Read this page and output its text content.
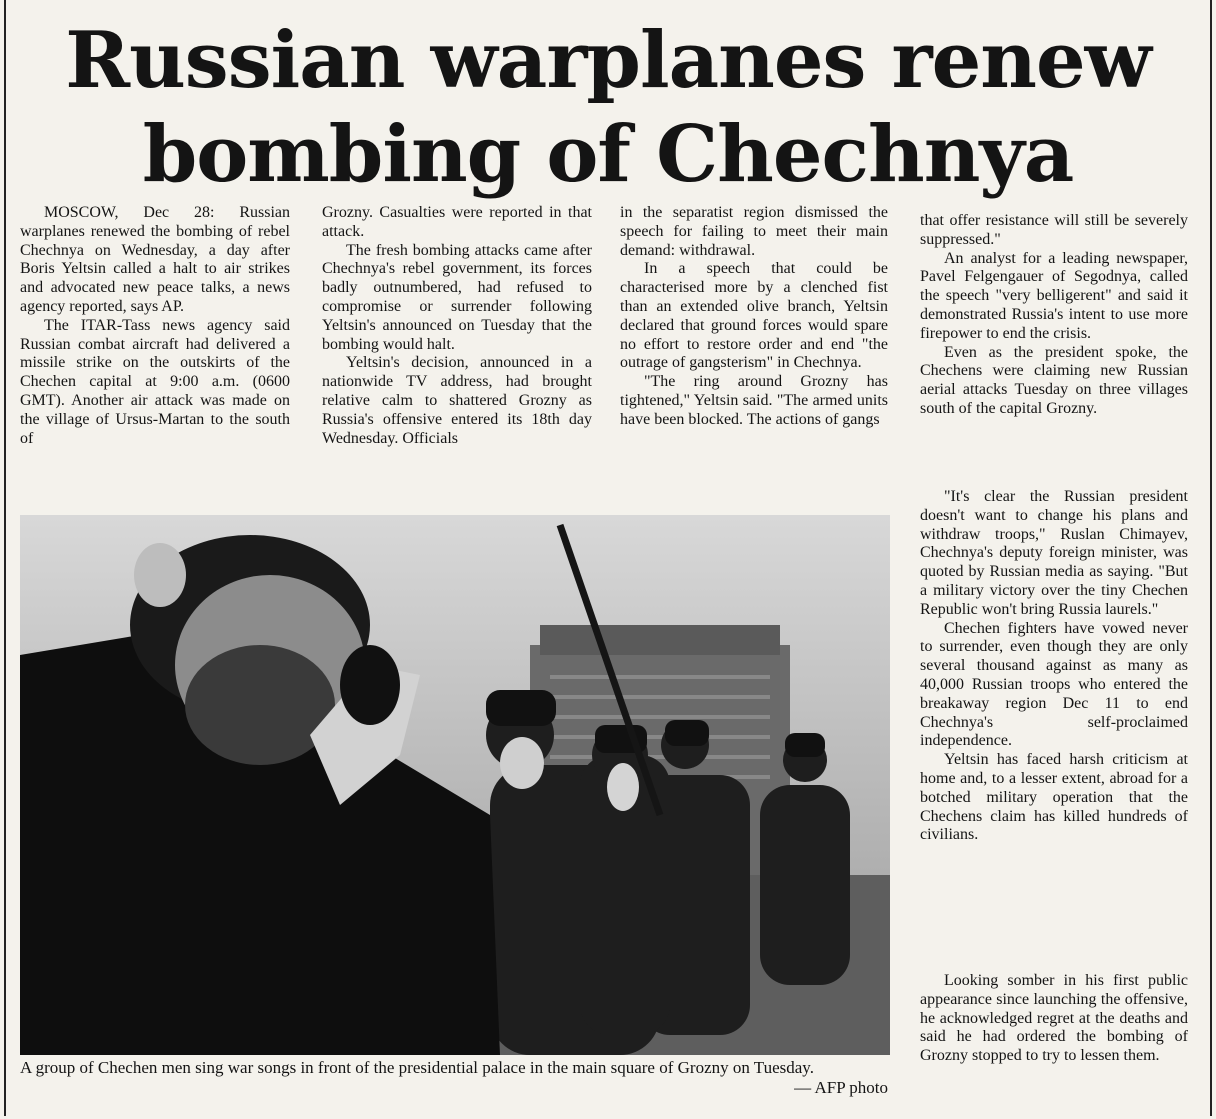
Russian warplanes renew
bombing of Chechnya

MOSCOW, Dec 28: Russian warplanes renewed the bombing of rebel Chechnya on Wednesday, a day after Boris Yeltsin called a halt to air strikes and advocated new peace talks, a news agency reported, says AP.

The ITAR-Tass news agency said Russian combat aircraft had delivered a missile strike on the outskirts of the Chechen capital at 9:00 a.m. (0600 GMT). Another air attack was made on the village of Ursus-Martan to the south of

Grozny. Casualties were reported in that attack.

The fresh bombing attacks came after Chechnya's rebel government, its forces badly outnumbered, had refused to compromise or surrender following Yeltsin's announced on Tuesday that the bombing would halt.

Yeltsin's decision, announced in a nationwide TV address, had brought relative calm to shattered Grozny as Russia's offensive entered its 18th day Wednesday. Officials

in the separatist region dismissed the speech for failing to meet their main demand: withdrawal.

In a speech that could be characterised more by a clenched fist than an extended olive branch, Yeltsin declared that ground forces would spare no effort to restore order and end "the outrage of gangsterism" in Chechnya.

"The ring around Grozny has tightened," Yeltsin said. "The armed units have been blocked. The actions of gangs

that offer resistance will still be severely suppressed."

An analyst for a leading newspaper, Pavel Felgengauer of Segodnya, called the speech "very belligerent" and said it demonstrated Russia's intent to use more firepower to end the crisis.

Even as the president spoke, the Chechens were claiming new Russian aerial attacks Tuesday on three villages south of the capital Grozny.

"It's clear the Russian president doesn't want to change his plans and withdraw troops," Ruslan Chimayev, Chechnya's deputy foreign minister, was quoted by Russian media as saying. "But a military victory over the tiny Chechen Republic won't bring Russia laurels."

Chechen fighters have vowed never to surrender, even though they are only several thousand against as many as 40,000 Russian troops who entered the breakaway region Dec 11 to end Chechnya's self-proclaimed independence.

Yeltsin has faced harsh criticism at home and, to a lesser extent, abroad for a botched military operation that the Chechens claim has killed hundreds of civilians.

Looking somber in his first public appearance since launching the offensive, he acknowledged regret at the deaths and said he had ordered the bombing of Grozny stopped to try to lessen them.

A group of Chechen men sing war songs in front of the presidential palace in the main square of Grozny on Tuesday.
— AFP photo
